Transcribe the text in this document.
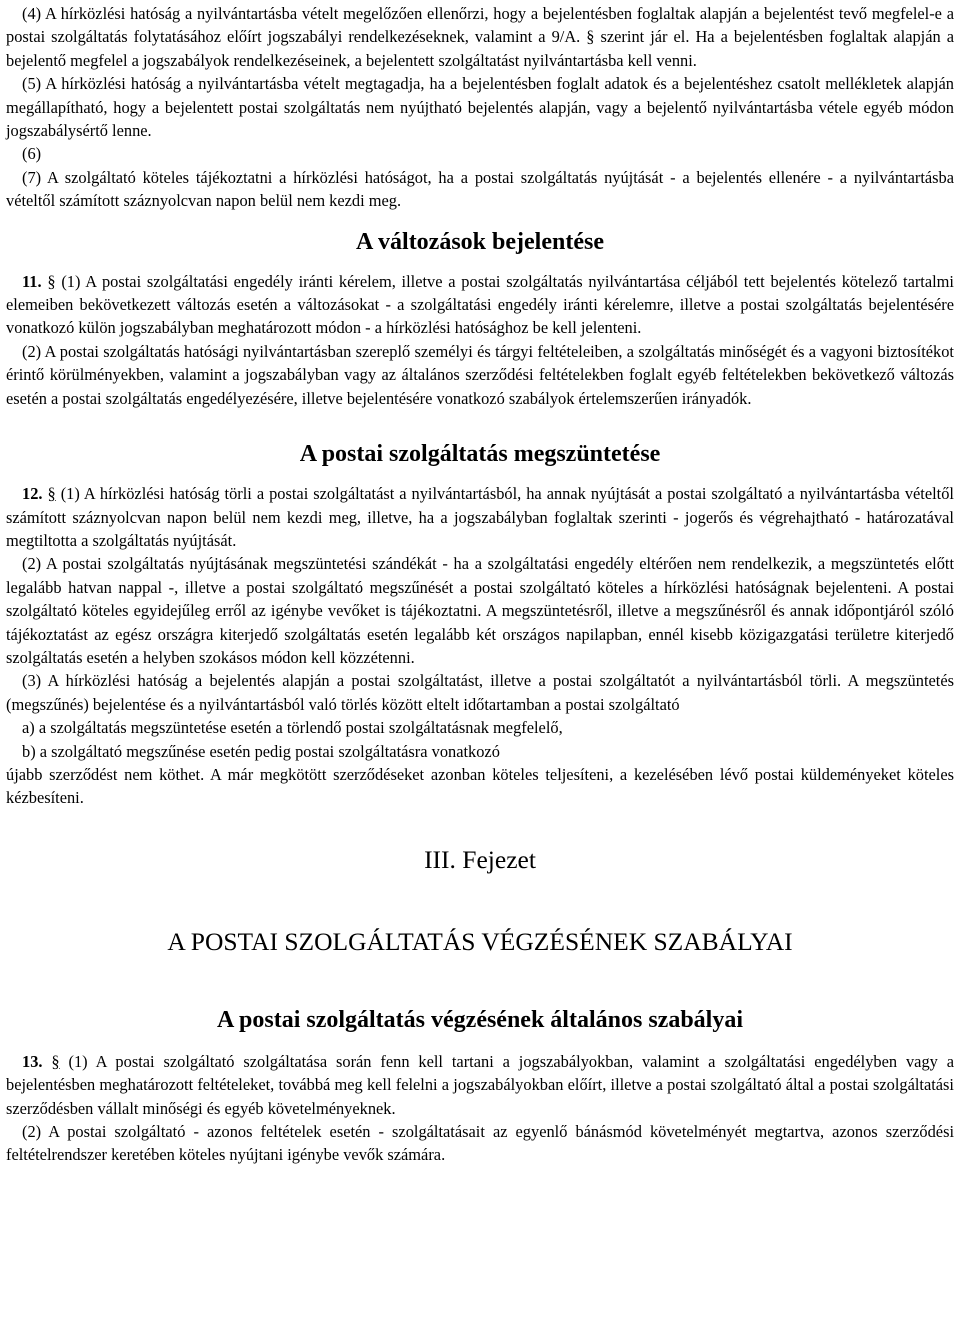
(4) A hírközlési hatóság a nyilvántartásba vételt megelőzően ellenőrzi, hogy a bejelentésben foglaltak alapján a bejelentést tevő megfelel-e a postai szolgáltatás folytatásához előírt jogszabályi rendelkezéseknek, valamint a 9/A. § szerint jár el. Ha a bejelentésben foglaltak alapján a bejelentő megfelel a jogszabályok rendelkezéseinek, a bejelentett szolgáltatást nyilvántartásba kell venni.

(5) A hírközlési hatóság a nyilvántartásba vételt megtagadja, ha a bejelentésben foglalt adatok és a bejelentéshez csatolt mellékletek alapján megállapítható, hogy a bejelentett postai szolgáltatás nem nyújtható bejelentés alapján, vagy a bejelentő nyilvántartásba vétele egyéb módon jogszabálysértő lenne.

(6)

(7) A szolgáltató köteles tájékoztatni a hírközlési hatóságot, ha a postai szolgáltatás nyújtását - a bejelentés ellenére - a nyilvántartásba vételtől számított száznyolcvan napon belül nem kezdi meg.

A változások bejelentése

11. § (1) A postai szolgáltatási engedély iránti kérelem, illetve a postai szolgáltatás nyilvántartása céljából tett bejelentés kötelező tartalmi elemeiben bekövetkezett változás esetén a változásokat - a szolgáltatási engedély iránti kérelemre, illetve a postai szolgáltatás bejelentésére vonatkozó külön jogszabályban meghatározott módon - a hírközlési hatósághoz be kell jelenteni.

(2) A postai szolgáltatás hatósági nyilvántartásban szereplő személyi és tárgyi feltételeiben, a szolgáltatás minőségét és a vagyoni biztosítékot érintő körülményekben, valamint a jogszabályban vagy az általános szerződési feltételekben foglalt egyéb feltételekben bekövetkező változás esetén a postai szolgáltatás engedélyezésére, illetve bejelentésére vonatkozó szabályok értelemszerűen irányadók.

A postai szolgáltatás megszüntetése

12. § (1) A hírközlési hatóság törli a postai szolgáltatást a nyilvántartásból, ha annak nyújtását a postai szolgáltató a nyilvántartásba vételtől számított száznyolcvan napon belül nem kezdi meg, illetve, ha a jogszabályban foglaltak szerinti - jogerős és végrehajtható - határozatával megtiltotta a szolgáltatás nyújtását.

(2) A postai szolgáltatás nyújtásának megszüntetési szándékát - ha a szolgáltatási engedély eltérően nem rendelkezik, a megszüntetés előtt legalább hatvan nappal -, illetve a postai szolgáltató megszűnését a postai szolgáltató köteles a hírközlési hatóságnak bejelenteni. A postai szolgáltató köteles egyidejűleg erről az igénybe vevőket is tájékoztatni. A megszüntetésről, illetve a megszűnésről és annak időpontjáról szóló tájékoztatást az egész országra kiterjedő szolgáltatás esetén legalább két országos napilapban, ennél kisebb közigazgatási területre kiterjedő szolgáltatás esetén a helyben szokásos módon kell közzétenni.

(3) A hírközlési hatóság a bejelentés alapján a postai szolgáltatást, illetve a postai szolgáltatót a nyilvántartásból törli. A megszüntetés (megszűnés) bejelentése és a nyilvántartásból való törlés között eltelt időtartamban a postai szolgáltató

a) a szolgáltatás megszüntetése esetén a törlendő postai szolgáltatásnak megfelelő,

b) a szolgáltató megszűnése esetén pedig postai szolgáltatásra vonatkozó

újabb szerződést nem köthet. A már megkötött szerződéseket azonban köteles teljesíteni, a kezelésében lévő postai küldeményeket köteles kézbesíteni.

III. Fejezet
A POSTAI SZOLGÁLTATÁS VÉGZÉSÉNEK SZABÁLYAI
A postai szolgáltatás végzésének általános szabályai

13. § (1) A postai szolgáltató szolgáltatása során fenn kell tartani a jogszabályokban, valamint a szolgáltatási engedélyben vagy a bejelentésben meghatározott feltételeket, továbbá meg kell felelni a jogszabályokban előírt, illetve a postai szolgáltató által a postai szolgáltatási szerződésben vállalt minőségi és egyéb követelményeknek.

(2) A postai szolgáltató - azonos feltételek esetén - szolgáltatásait az egyenlő bánásmód követelményét megtartva, azonos szerződési feltételrendszer keretében köteles nyújtani igénybe vevők számára.
